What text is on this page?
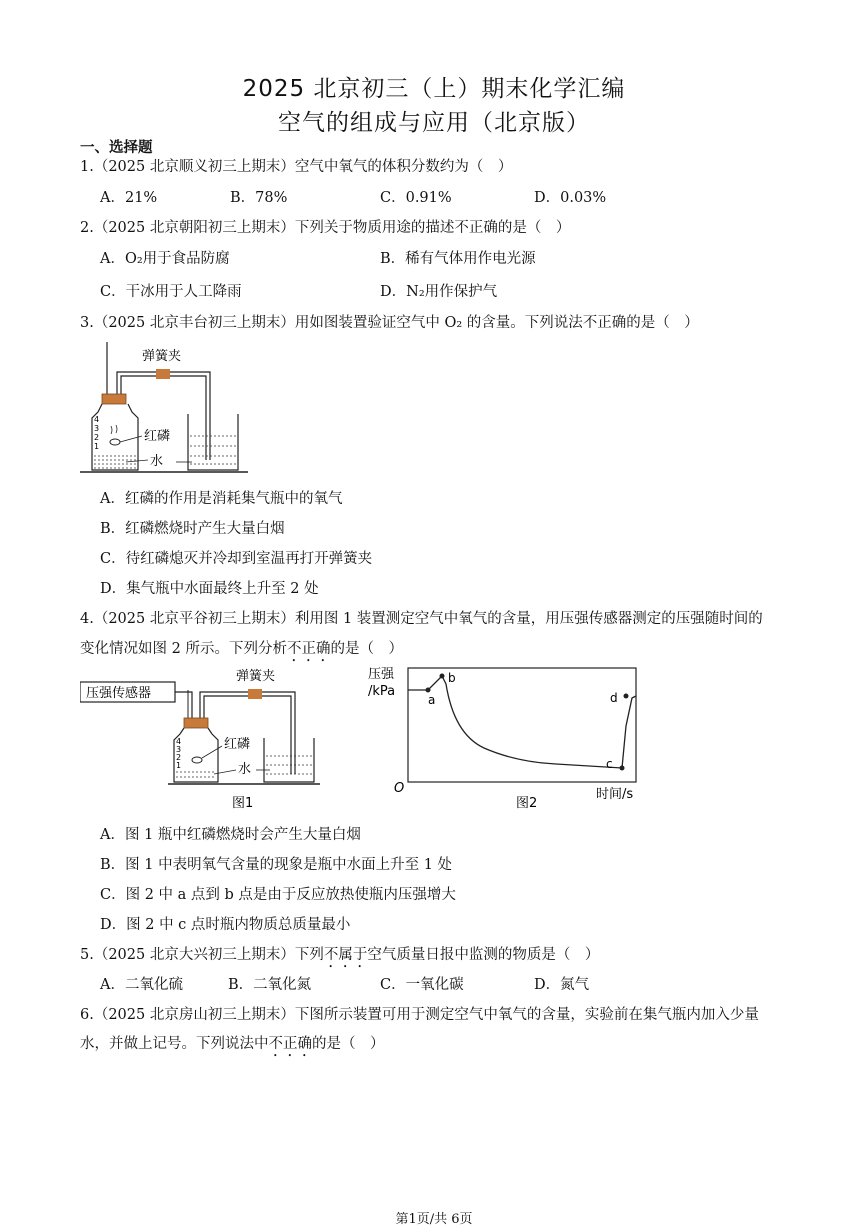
2025 北京初三（上）期末化学汇编
空气的组成与应用（北京版）
一、选择题
1.（2025 北京顺义初三上期末）空气中氧气的体积分数约为（　）
A．21%	B．78%	C．0.91%	D．0.03%
2.（2025 北京朝阳初三上期末）下列关于物质用途的描述不正确的是（　）
A．O₂用于食品防腐	B．稀有气体用作电光源
C．干冰用于人工降雨	D．N₂用作保护气
3.（2025 北京丰台初三上期末）用如图装置验证空气中 O₂ 的含量。下列说法不正确的是（　）
4
3
2
1
红磷
弹簧夹
水
A．红磷的作用是消耗集气瓶中的氧气
B．红磷燃烧时产生大量白烟
C．待红磷熄灭并冷却到室温再打开弹簧夹
D．集气瓶中水面最终上升至 2 处
4.（2025 北京平谷初三上期末）利用图 1 装置测定空气中氧气的含量，用压强传感器测定的压强随时间的
变化情况如图 2 所示。下列分析不正确的是（　）
压强传感器
弹簧夹
4
3
2
1
红磷
水
图1
压强
/kPa
a
b
c
d
O	时间/s
图2
A．图 1 瓶中红磷燃烧时会产生大量白烟
B．图 1 中表明氧气含量的现象是瓶中水面上升至 1 处
C．图 2 中 a 点到 b 点是由于反应放热使瓶内压强增大
D．图 2 中 c 点时瓶内物质总质量最小
5.（2025 北京大兴初三上期末）下列不属于空气质量日报中监测的物质是（　）
A．二氧化硫	B．二氧化氮	C．一氧化碳	D．氮气
6.（2025 北京房山初三上期末）下图所示装置可用于测定空气中氧气的含量，实验前在集气瓶内加入少量
水，并做上记号。下列说法中不正确的是（　）
第1页/共 6页
